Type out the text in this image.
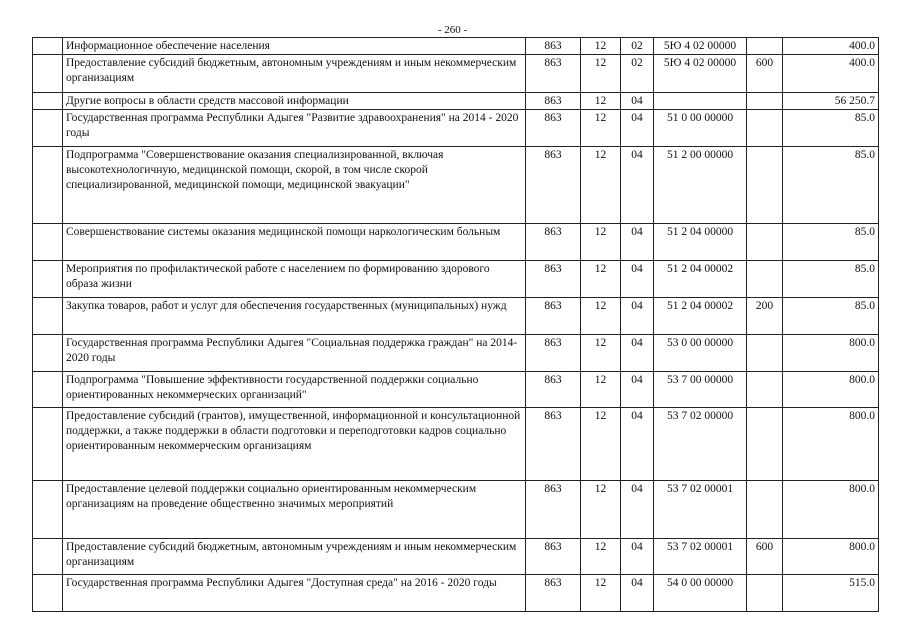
- 260 -
	Информационное обеспечение населения	863	12	02	5Ю 4 02 00000		400.0
	Предоставление субсидий бюджетным, автономным учреждениям и иным некоммерческим организациям	863	12	02	5Ю 4 02 00000	600	400.0
	Другие вопросы в области средств массовой информации	863	12	04			56 250.7
	Государственная программа Республики Адыгея "Развитие здравоохранения" на 2014 - 2020 годы	863	12	04	51 0 00 00000		85.0
	Подпрограмма "Совершенствование оказания специализированной, включая высокотехнологичную, медицинской помощи, скорой, в том числе скорой специализированной, медицинской помощи, медицинской эвакуации"	863	12	04	51 2 00 00000		85.0
	Совершенствование системы оказания медицинской помощи наркологическим больным	863	12	04	51 2 04 00000		85.0
	Мероприятия по профилактической работе с населением по формированию здорового образа жизни	863	12	04	51 2 04 00002		85.0
	Закупка товаров, работ и услуг для обеспечения государственных (муниципальных) нужд	863	12	04	51 2 04 00002	200	85.0
	Государственная программа Республики Адыгея "Социальная поддержка граждан" на 2014-2020 годы	863	12	04	53 0 00 00000		800.0
	Подпрограмма "Повышение эффективности государственной поддержки социально ориентированных некоммерческих организаций"	863	12	04	53 7 00 00000		800.0
	Предоставление субсидий (грантов), имущественной, информационной и консультационной поддержки, а также поддержки в области подготовки и переподготовки кадров социально ориентированным некоммерческим организациям	863	12	04	53 7 02 00000		800.0
	Предоставление целевой поддержки социально ориентированным некоммерческим организациям на проведение общественно значимых мероприятий	863	12	04	53 7 02 00001		800.0
	Предоставление субсидий бюджетным, автономным учреждениям и иным некоммерческим организациям	863	12	04	53 7 02 00001	600	800.0
	Государственная программа Республики Адыгея "Доступная среда" на 2016 - 2020 годы	863	12	04	54 0 00 00000		515.0
